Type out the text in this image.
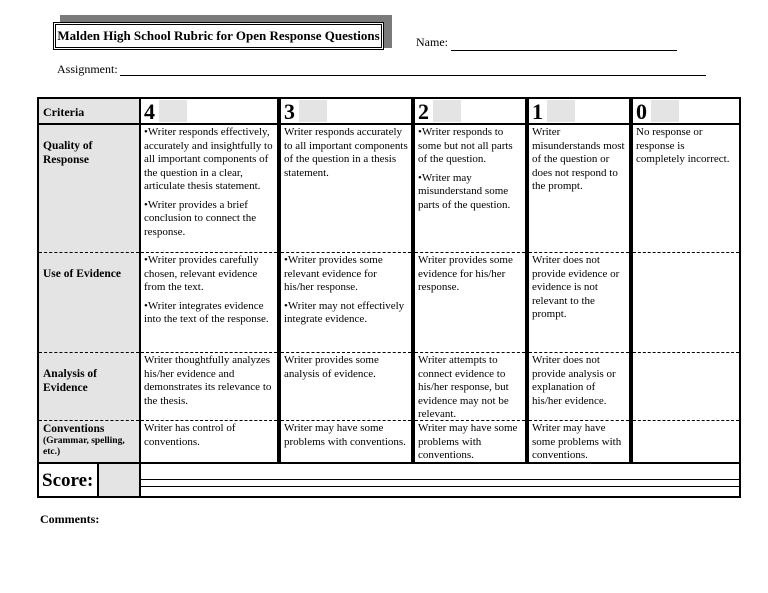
Malden High School Rubric for Open Response Questions	Name:
Assignment:
Criteria
Quality of Response
Use of Evidence
Analysis of Evidence
Conventions
(Grammar, spelling, etc.)
4

•Writer responds effectively, accurately and insightfully to all important components of the question in a clear, articulate thesis statement.

•Writer provides a brief conclusion to connect the response.

•Writer provides carefully chosen, relevant evidence from the text.

•Writer integrates evidence into the text of the response.

Writer thoughtfully analyzes his/her evidence and demonstrates its relevance to the thesis.

Writer has control of conventions.

3

Writer responds accurately to all important components of the question in a thesis statement.

•Writer provides some relevant evidence for his/her response.

•Writer may not effectively integrate evidence.

Writer provides some analysis of evidence.

Writer may have some problems with conventions.

2

•Writer responds to some but not all parts of the question.

•Writer may misunderstand some parts of the question.

Writer provides some evidence for his/her response.

Writer attempts to connect evidence to his/her response, but evidence may not be relevant.

Writer may have some problems with conventions.

1

Writer misunderstands most of the question or does not respond to the prompt.

Writer does not provide evidence or evidence is not relevant to the prompt.

Writer does not provide analysis or explanation of his/her evidence.

Writer may have some problems with conventions.

0

No response or response is completely incorrect.

Score:
Comments:
